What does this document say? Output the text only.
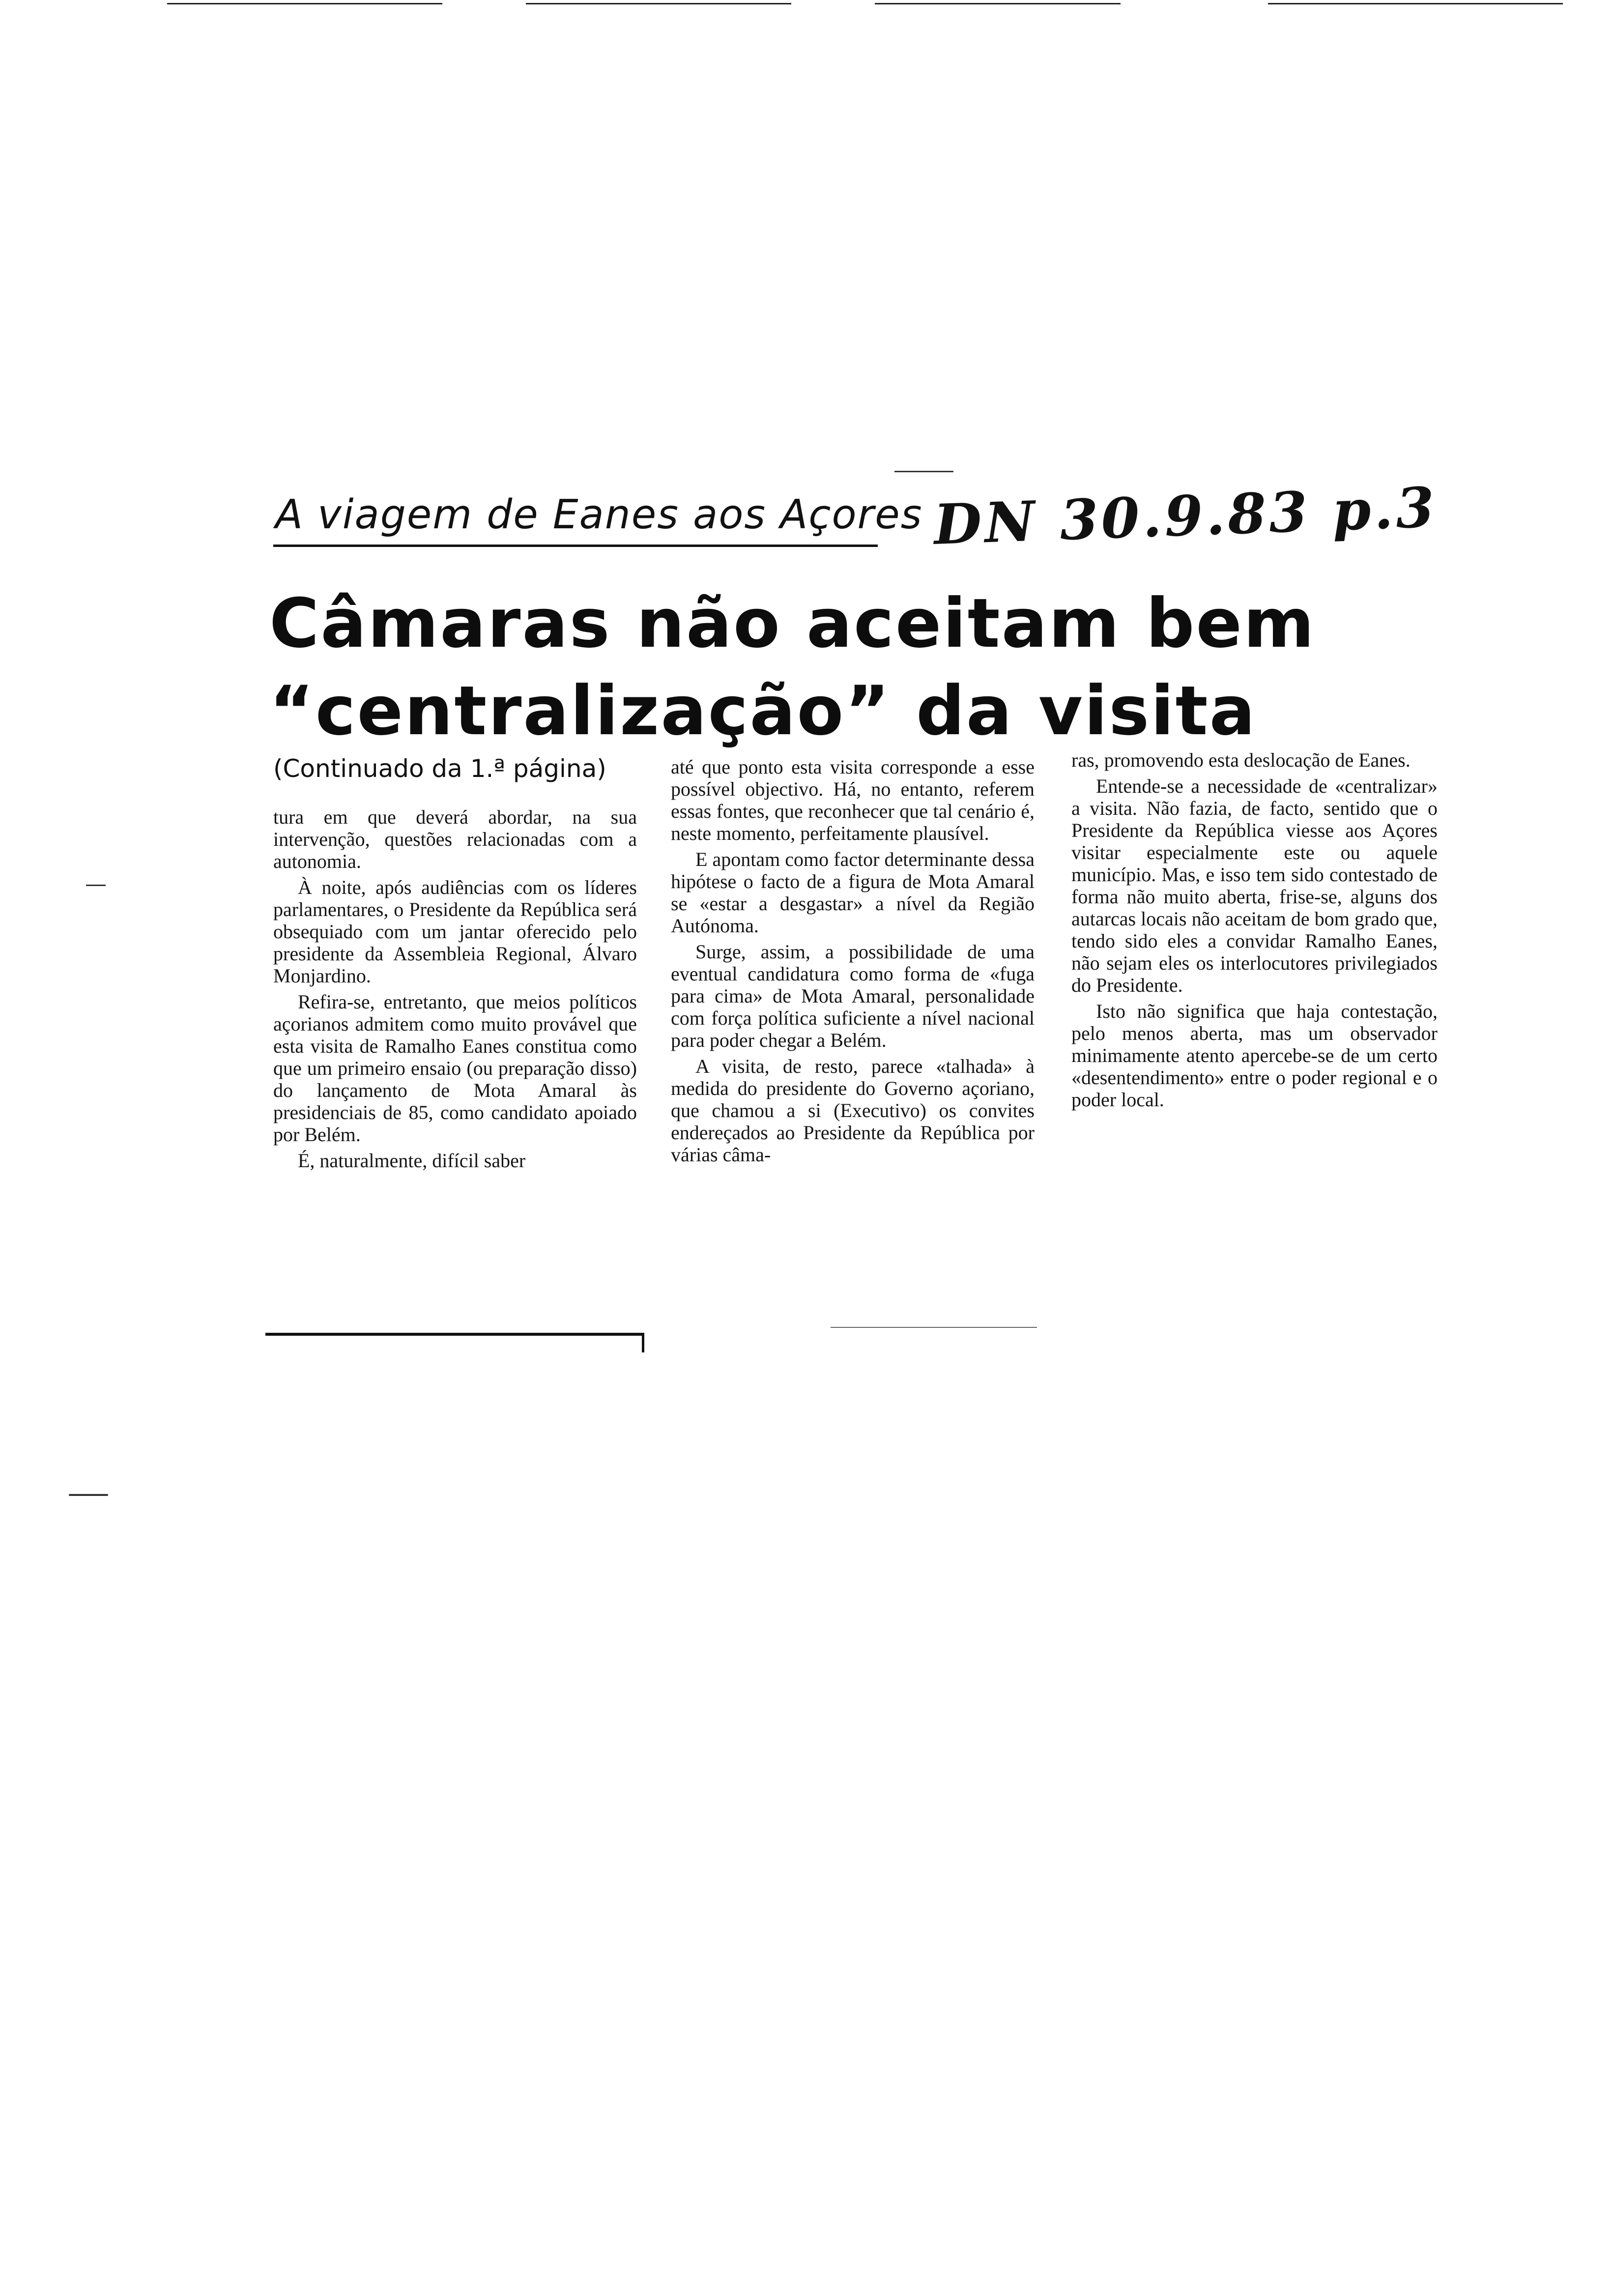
A viagem de Eanes aos Açores DN 30.9.83 p.3
Câmaras não aceitam bem
“centralização” da visita
(Continuado da 1.ª página)

tura em que deverá abordar, na sua intervenção, questões relacionadas com a autonomia.

À noite, após audiências com os líderes parlamentares, o Presidente da República será obsequiado com um jantar oferecido pelo presidente da Assembleia Regional, Álvaro Monjardino.

Refira-se, entretanto, que meios políticos açorianos admitem como muito provável que esta visita de Ramalho Eanes constitua como que um primeiro ensaio (ou preparação disso) do lançamento de Mota Amaral às presidenciais de 85, como candidato apoiado por Belém.

É, naturalmente, difícil saber

até que ponto esta visita corresponde a esse possível objectivo. Há, no entanto, referem essas fontes, que reconhecer que tal cenário é, neste momento, perfeitamente plausível.

E apontam como factor determinante dessa hipótese o facto de a figura de Mota Amaral se «estar a desgastar» a nível da Região Autónoma.

Surge, assim, a possibilidade de uma eventual candidatura como forma de «fuga para cima» de Mota Amaral, personalidade com força política suficiente a nível nacional para poder chegar a Belém.

A visita, de resto, parece «talhada» à medida do presidente do Governo açoriano, que chamou a si (Executivo) os convites endereçados ao Presidente da República por várias câma-

ras, promovendo esta deslocação de Eanes.

Entende-se a necessidade de «centralizar» a visita. Não fazia, de facto, sentido que o Presidente da República viesse aos Açores visitar especialmente este ou aquele município. Mas, e isso tem sido contestado de forma não muito aberta, frise-se, alguns dos autarcas locais não aceitam de bom grado que, tendo sido eles a convidar Ramalho Eanes, não sejam eles os interlocutores privilegiados do Presidente.

Isto não significa que haja contestação, pelo menos aberta, mas um observador minimamente atento apercebe-se de um certo «desentendimento» entre o poder regional e o poder local.
